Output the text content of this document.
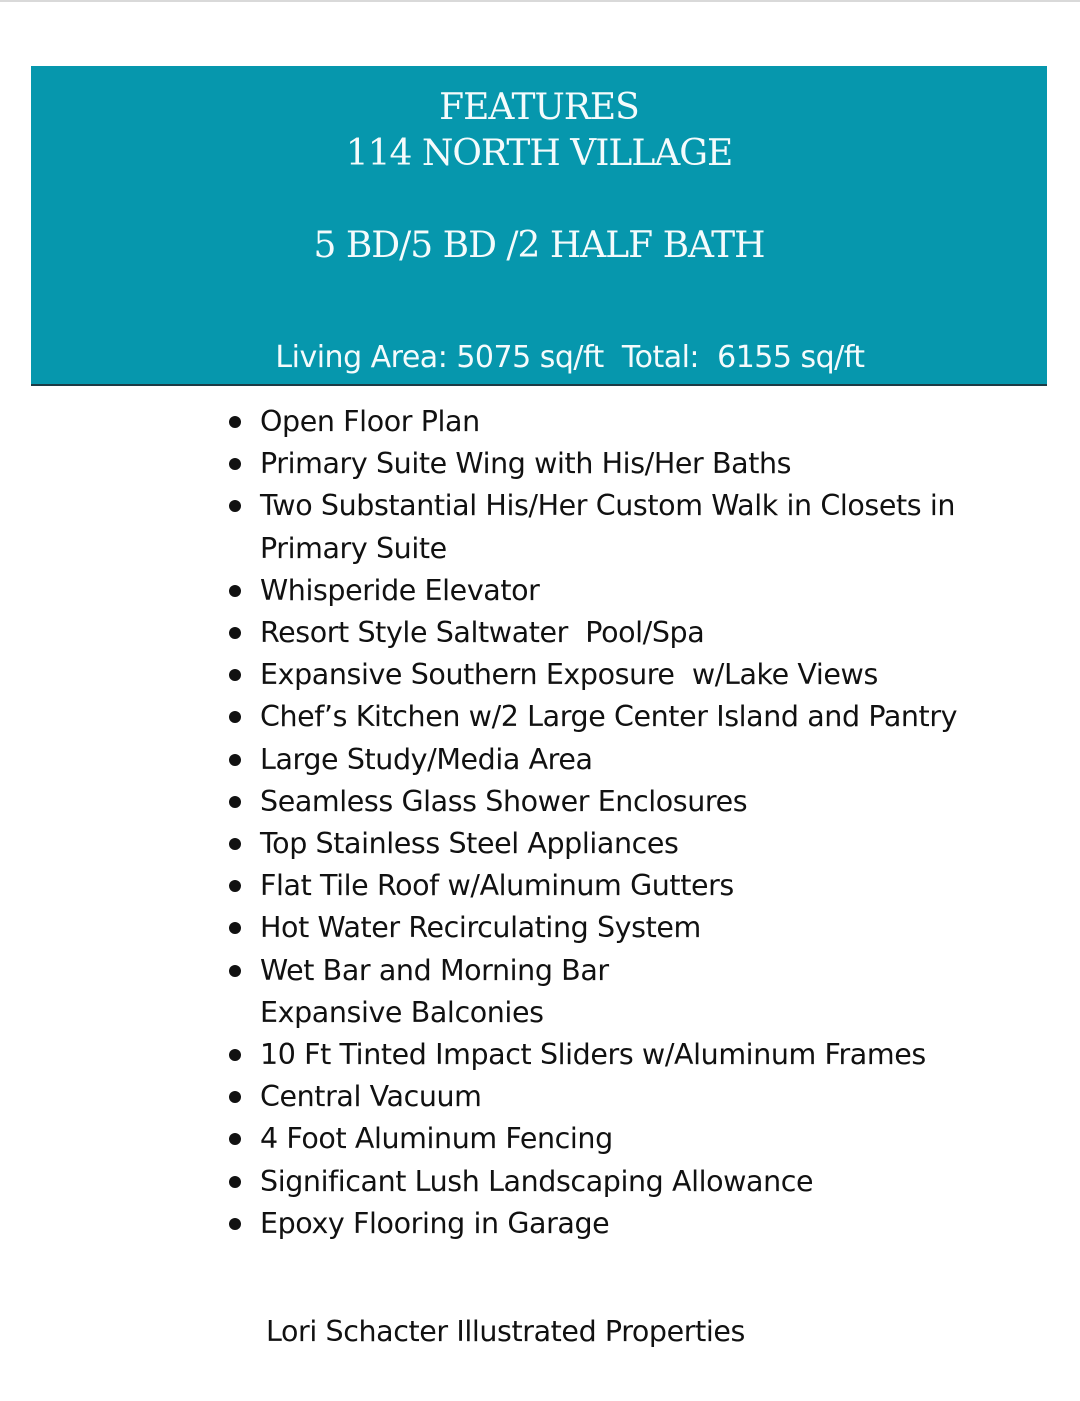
FEATURES
114 NORTH VILLAGE
5 BD/5 BD /2 HALF BATH
Living Area: 5075 sq/ft  Total:  6155 sq/ft
Open Floor Plan
Primary Suite Wing with His/Her Baths
Two Substantial His/Her Custom Walk in Closets in
Primary Suite
Whisperide Elevator
Resort Style Saltwater  Pool/Spa
Expansive Southern Exposure  w/Lake Views
Chef’s Kitchen w/2 Large Center Island and Pantry
Large Study/Media Area
Seamless Glass Shower Enclosures
Top Stainless Steel Appliances
Flat Tile Roof w/Aluminum Gutters
Hot Water Recirculating System
Wet Bar and Morning Bar
Expansive Balconies
10 Ft Tinted Impact Sliders w/Aluminum Frames
Central Vacuum
4 Foot Aluminum Fencing
Significant Lush Landscaping Allowance
Epoxy Flooring in Garage
Lori Schacter Illustrated Properties
